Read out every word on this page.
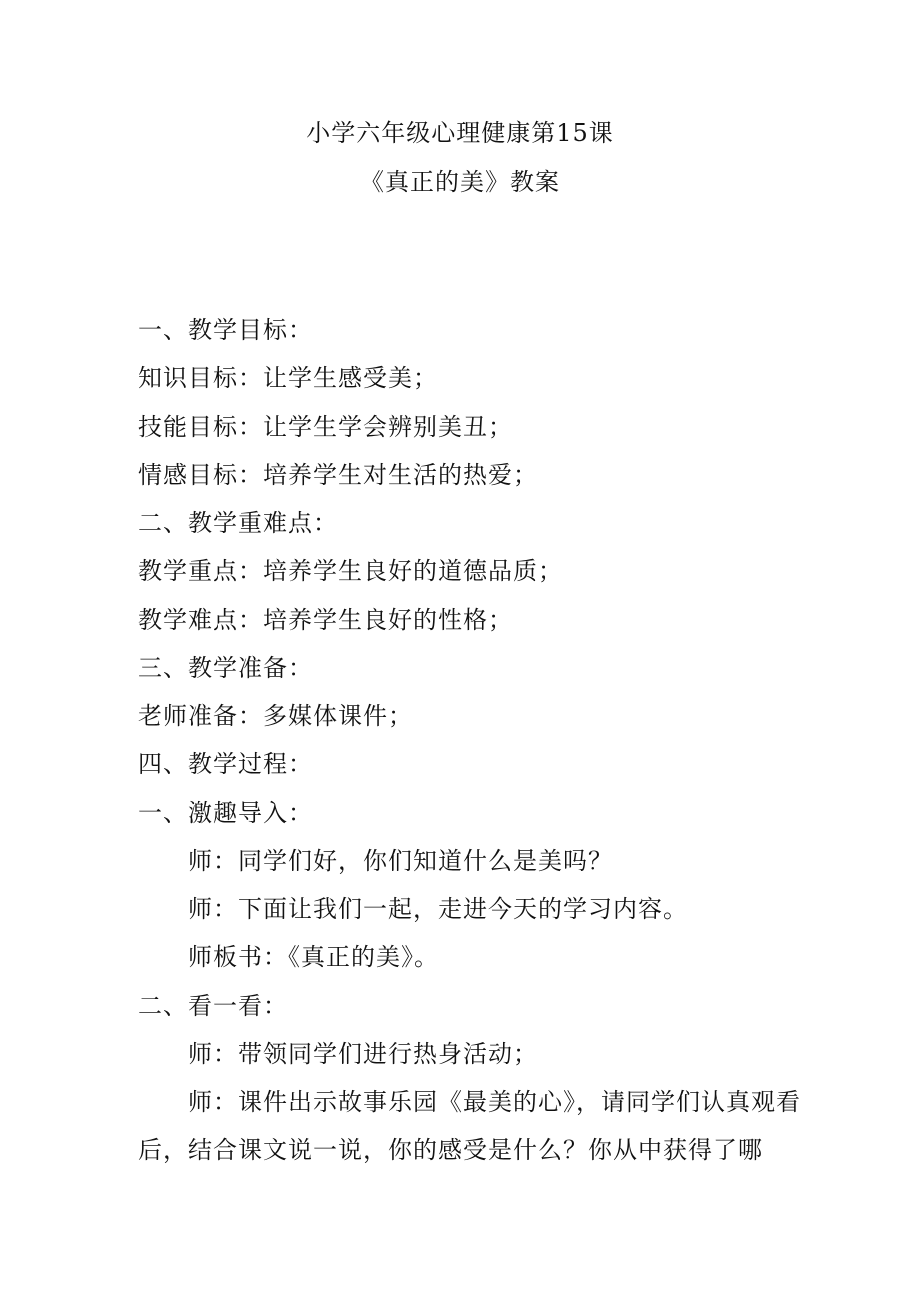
小学六年级心理健康第15课
《真正的美》教案
一、教学目标：
知识目标：让学生感受美；
技能目标：让学生学会辨别美丑；
情感目标：培养学生对生活的热爱；
二、教学重难点：
教学重点：培养学生良好的道德品质；
教学难点：培养学生良好的性格；
三、教学准备：
老师准备：多媒体课件；
四、教学过程：
一、激趣导入：
师：同学们好，你们知道什么是美吗？
师：下面让我们一起，走进今天的学习内容。
师板书：《真正的美》。
二、看一看：
师：带领同学们进行热身活动；
师：课件出示故事乐园《最美的心》，请同学们认真观看
后，结合课文说一说，你的感受是什么？你从中获得了哪
